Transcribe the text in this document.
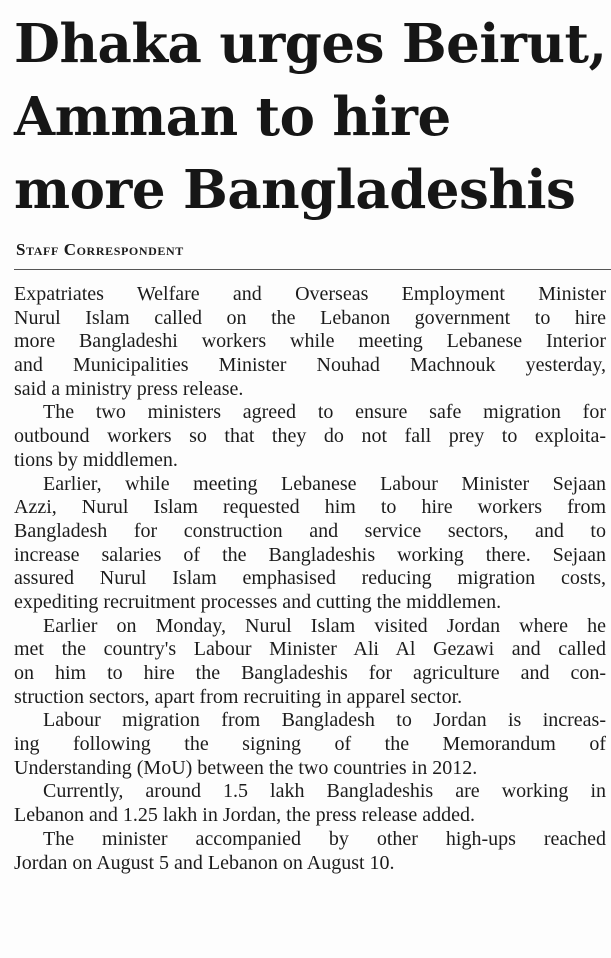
Dhaka urges Beirut,
Amman to hire
more Bangladeshis
Staff Correspondent
Expatriates Welfare and Overseas Employment Minister
Nurul Islam called on the Lebanon government to hire
more Bangladeshi workers while meeting Lebanese Interior
and Municipalities Minister Nouhad Machnouk yesterday,
said a ministry press release.
The two ministers agreed to ensure safe migration for
outbound workers so that they do not fall prey to exploita-
tions by middlemen.
Earlier, while meeting Lebanese Labour Minister Sejaan
Azzi, Nurul Islam requested him to hire workers from
Bangladesh for construction and service sectors, and to
increase salaries of the Bangladeshis working there. Sejaan
assured Nurul Islam emphasised reducing migration costs,
expediting recruitment processes and cutting the middlemen.
Earlier on Monday, Nurul Islam visited Jordan where he
met the country's Labour Minister Ali Al Gezawi and called
on him to hire the Bangladeshis for agriculture and con-
struction sectors, apart from recruiting in apparel sector.
Labour migration from Bangladesh to Jordan is increas-
ing following the signing of the Memorandum of
Understanding (MoU) between the two countries in 2012.
Currently, around 1.5 lakh Bangladeshis are working in
Lebanon and 1.25 lakh in Jordan, the press release added.
The minister accompanied by other high-ups reached
Jordan on August 5 and Lebanon on August 10.
